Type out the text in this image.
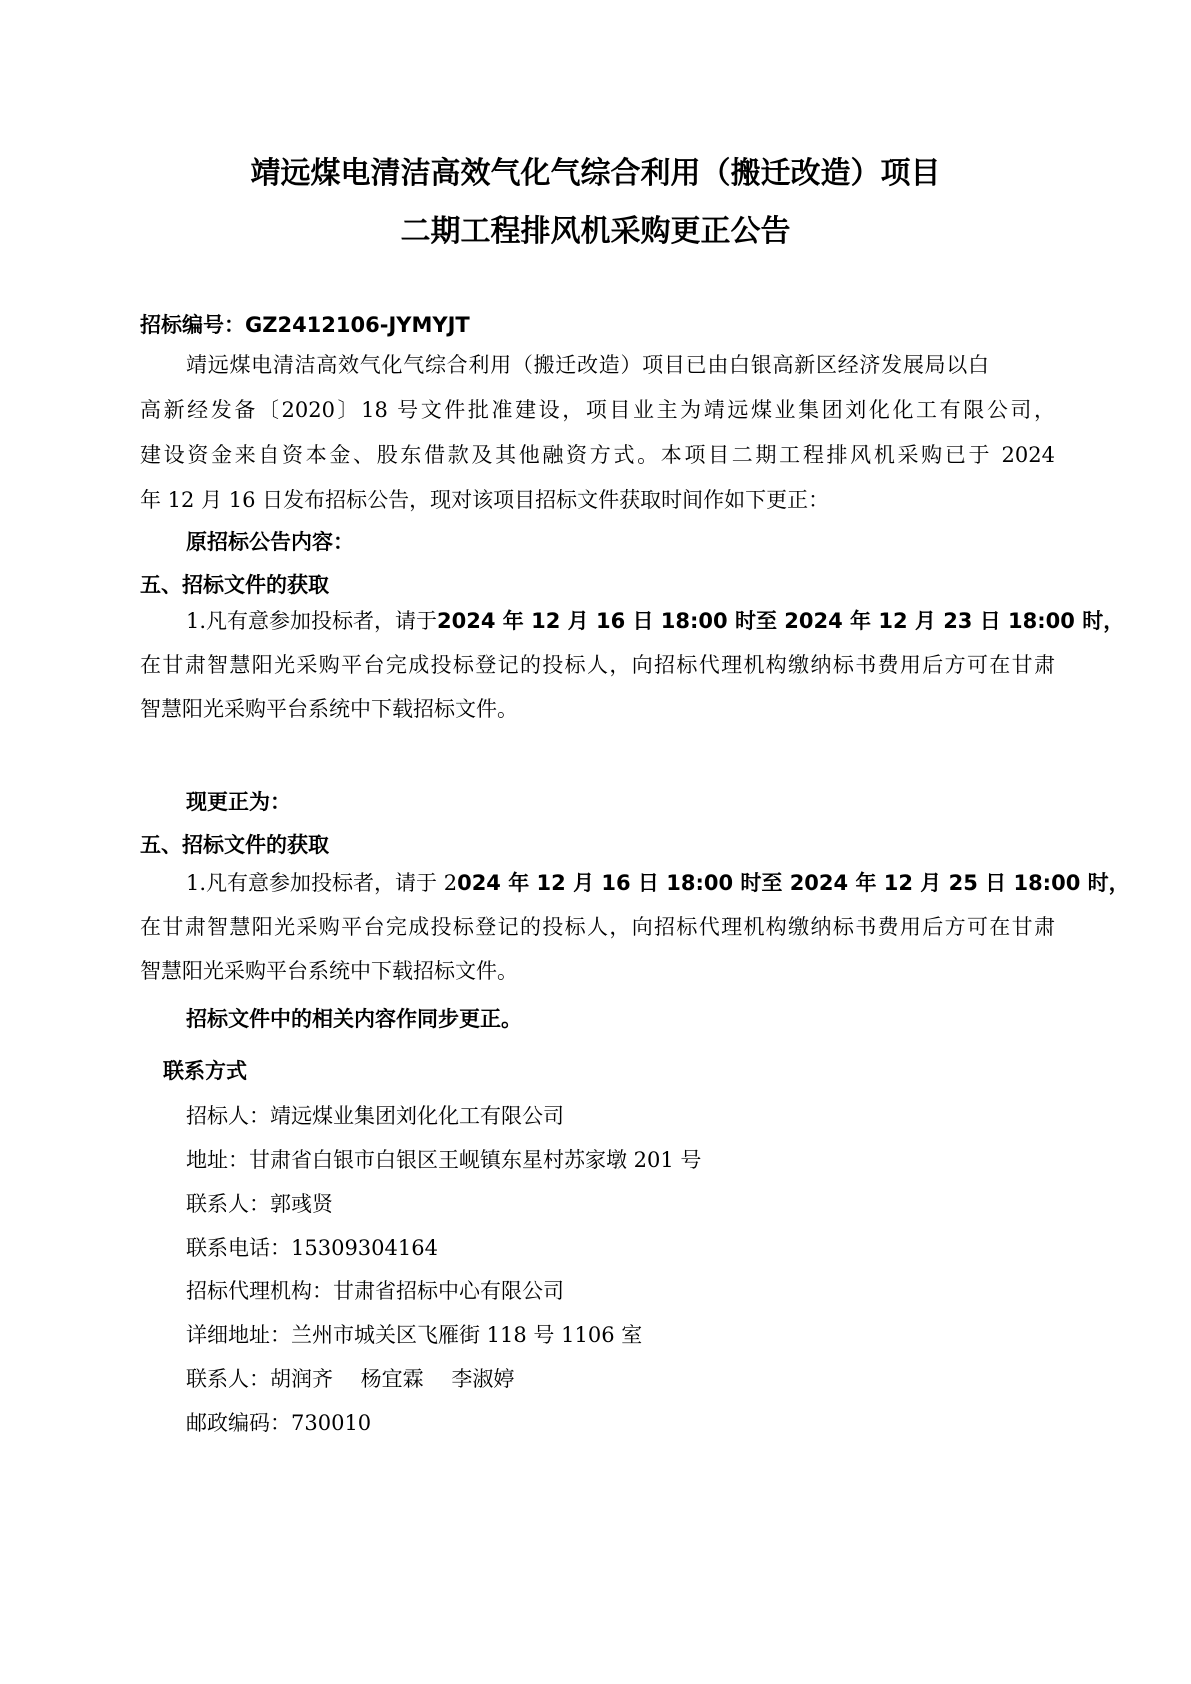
靖远煤电清洁高效气化气综合利用（搬迁改造）项目
二期工程排风机采购更正公告
招标编号：GZ2412106-JYMYJT
靖远煤电清洁高效气化气综合利用（搬迁改造）项目已由白银高新区经济发展局以白
高新经发备〔2020〕18 号文件批准建设，项目业主为靖远煤业集团刘化化工有限公司，
建设资金来自资本金、股东借款及其他融资方式。本项目二期工程排风机采购已于 2024
年 12 月 16 日发布招标公告，现对该项目招标文件获取时间作如下更正：
原招标公告内容：
五、招标文件的获取
1.凡有意参加投标者，请于2024 年 12 月 16 日 18:00 时至 2024 年 12 月 23 日 18:00 时，
在甘肃智慧阳光采购平台完成投标登记的投标人，向招标代理机构缴纳标书费用后方可在甘肃
智慧阳光采购平台系统中下载招标文件。
现更正为：
五、招标文件的获取
1.凡有意参加投标者，请于 2024 年 12 月 16 日 18:00 时至 2024 年 12 月 25 日 18:00 时，
在甘肃智慧阳光采购平台完成投标登记的投标人，向招标代理机构缴纳标书费用后方可在甘肃
智慧阳光采购平台系统中下载招标文件。
招标文件中的相关内容作同步更正。
联系方式
招标人：靖远煤业集团刘化化工有限公司
地址：甘肃省白银市白银区王岘镇东星村苏家墩 201 号
联系人：郭彧贤
联系电话：15309304164
招标代理机构：甘肃省招标中心有限公司
详细地址：兰州市城关区飞雁街 118 号 1106 室
联系人：胡润齐　 杨宜霖　 李淑婷
邮政编码：730010
